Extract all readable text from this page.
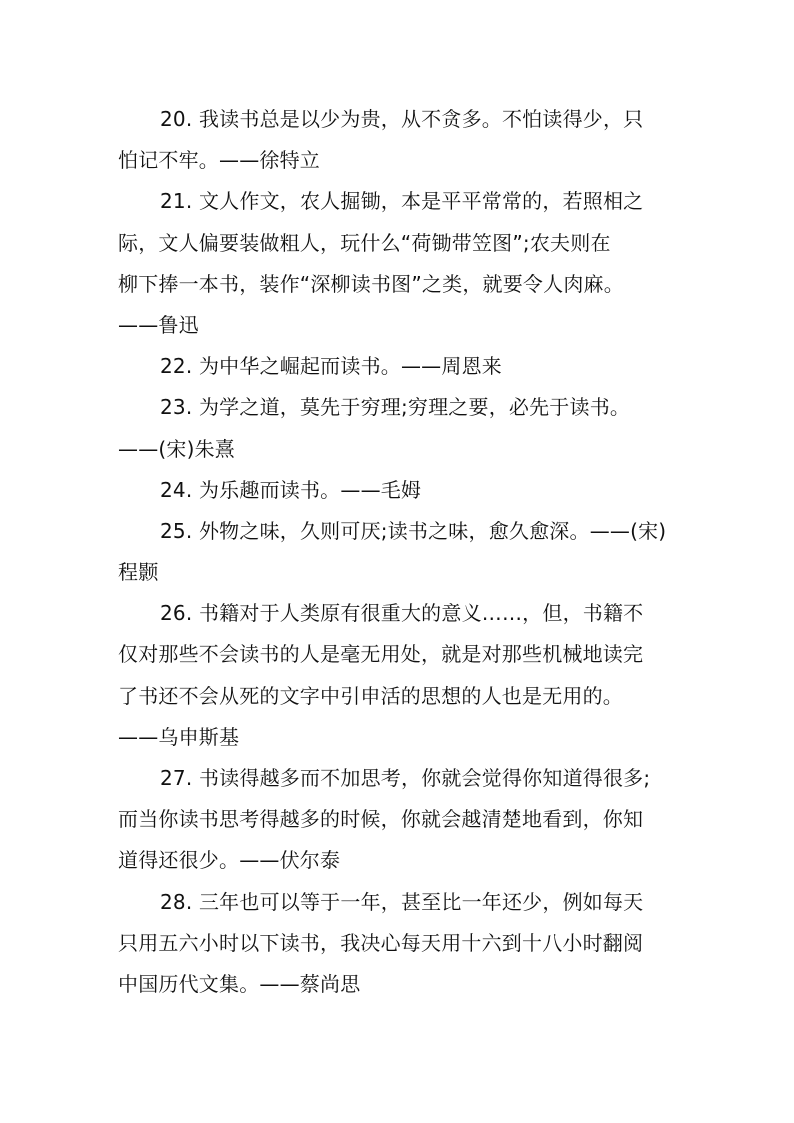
20. 我读书总是以少为贵，从不贪多。不怕读得少，只
怕记不牢。——徐特立
21. 文人作文，农人掘锄，本是平平常常的，若照相之
际，文人偏要装做粗人，玩什么“荷锄带笠图”;农夫则在
柳下捧一本书，装作“深柳读书图”之类，就要令人肉麻。
——鲁迅
22. 为中华之崛起而读书。——周恩来
23. 为学之道，莫先于穷理;穷理之要，必先于读书。
——(宋)朱熹
24. 为乐趣而读书。——毛姆
25. 外物之味，久则可厌;读书之味，愈久愈深。——(宋)
程颢
26. 书籍对于人类原有很重大的意义……，但，书籍不
仅对那些不会读书的人是毫无用处，就是对那些机械地读完
了书还不会从死的文字中引申活的思想的人也是无用的。
——乌申斯基
27. 书读得越多而不加思考，你就会觉得你知道得很多;
而当你读书思考得越多的时候，你就会越清楚地看到，你知
道得还很少。——伏尔泰
28. 三年也可以等于一年，甚至比一年还少，例如每天
只用五六小时以下读书，我决心每天用十六到十八小时翻阅
中国历代文集。——蔡尚思
